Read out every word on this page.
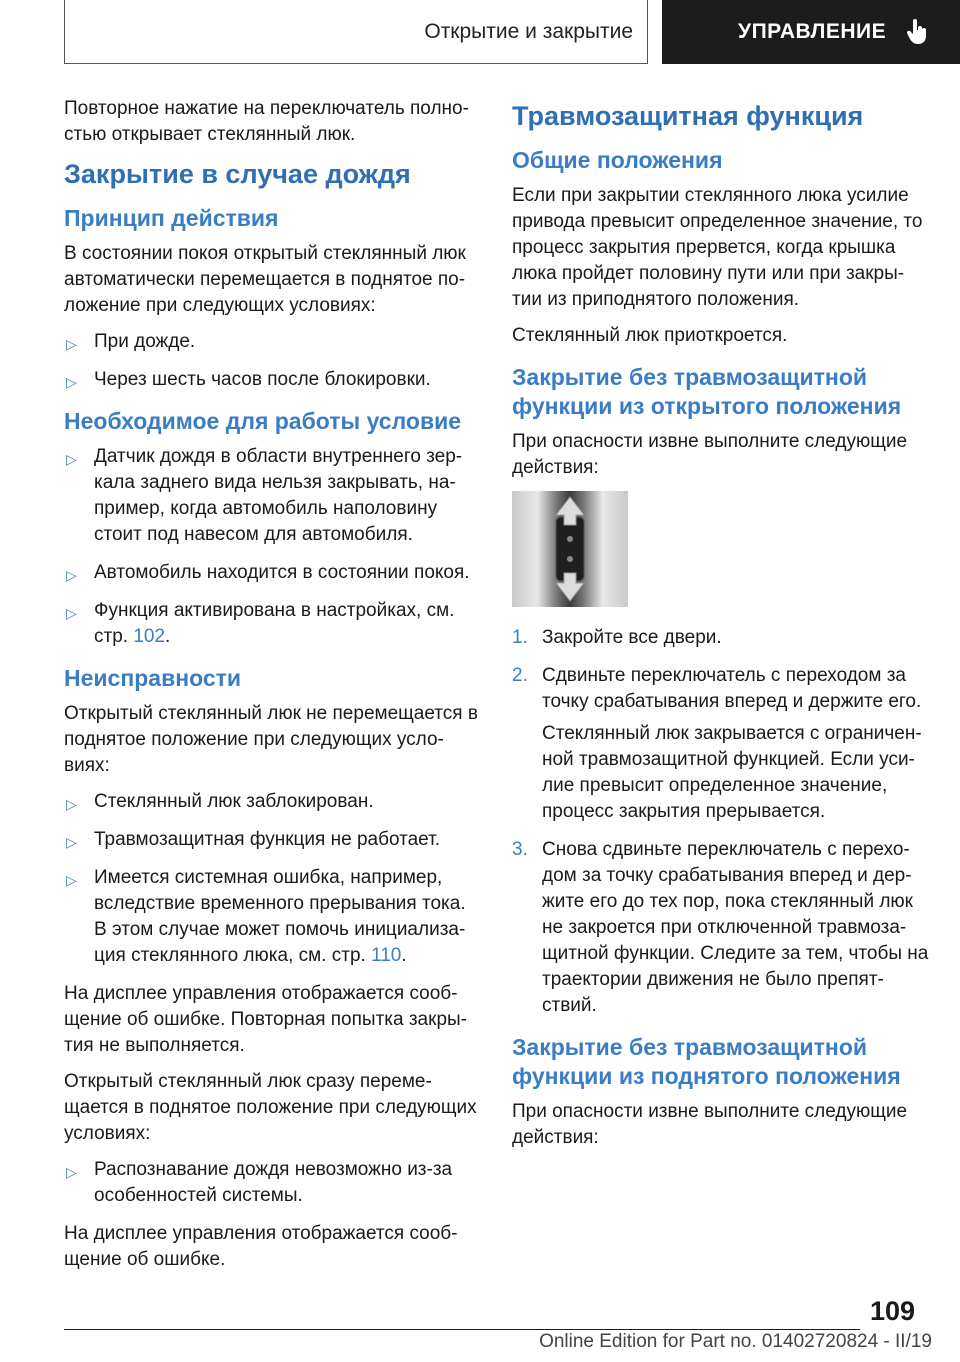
Открытие и закрытие	УПРАВЛЕНИЕ

Повторное нажатие на переключатель полно-стью открывает стеклянный люк.

Закрытие в случае дождя
Принцип действия

В состоянии покоя открытый стеклянный люк автоматически перемещается в поднятое по-ложение при следующих условиях:

▷ При дожде.
▷ Через шесть часов после блокировки.
Необходимое для работы условие
▷ Датчик дождя в области внутреннего зер-кала заднего вида нельзя закрывать, на-пример, когда автомобиль наполовину стоит под навесом для автомобиля.
▷ Автомобиль находится в состоянии покоя.
▷ Функция активирована в настройках, см. стр. 102.
Неисправности

Открытый стеклянный люк не перемещается в поднятое положение при следующих усло-виях:

▷ Стеклянный люк заблокирован.
▷ Травмозащитная функция не работает.
▷ Имеется системная ошибка, например, вследствие временного прерывания тока. В этом случае может помочь инициализа-ция стеклянного люка, см. стр. 110.

На дисплее управления отображается сооб-щение об ошибке. Повторная попытка закры-тия не выполняется.

Открытый стеклянный люк сразу переме-щается в поднятое положение при следующих условиях:

▷ Распознавание дождя невозможно из-за особенностей системы.

На дисплее управления отображается сооб-щение об ошибке.

Травмозащитная функция
Общие положения

Если при закрытии стеклянного люка усилие привода превысит определенное значение, то процесс закрытия прервется, когда крышка люка пройдет половину пути или при закры-тии из приподнятого положения.

Стеклянный люк приоткроется.

Закрытие без травмозащитной функции из открытого положения

При опасности извне выполните следующие действия:

1. Закройте все двери.

2. Сдвиньте переключатель с переходом за точку срабатывания вперед и держите его.

Стеклянный люк закрывается с ограничен-ной травмозащитной функцией. Если уси-лие превысит определенное значение, процесс закрытия прерывается.

3. Снова сдвиньте переключатель с перехо-дом за точку срабатывания вперед и дер-жите его до тех пор, пока стеклянный люк не закроется при отключенной травмоза-щитной функции. Следите за тем, чтобы на траектории движения не было препят-ствий.

Закрытие без травмозащитной функции из поднятого положения

При опасности извне выполните следующие действия:

109
Online Edition for Part no. 01402720824 - II/19
